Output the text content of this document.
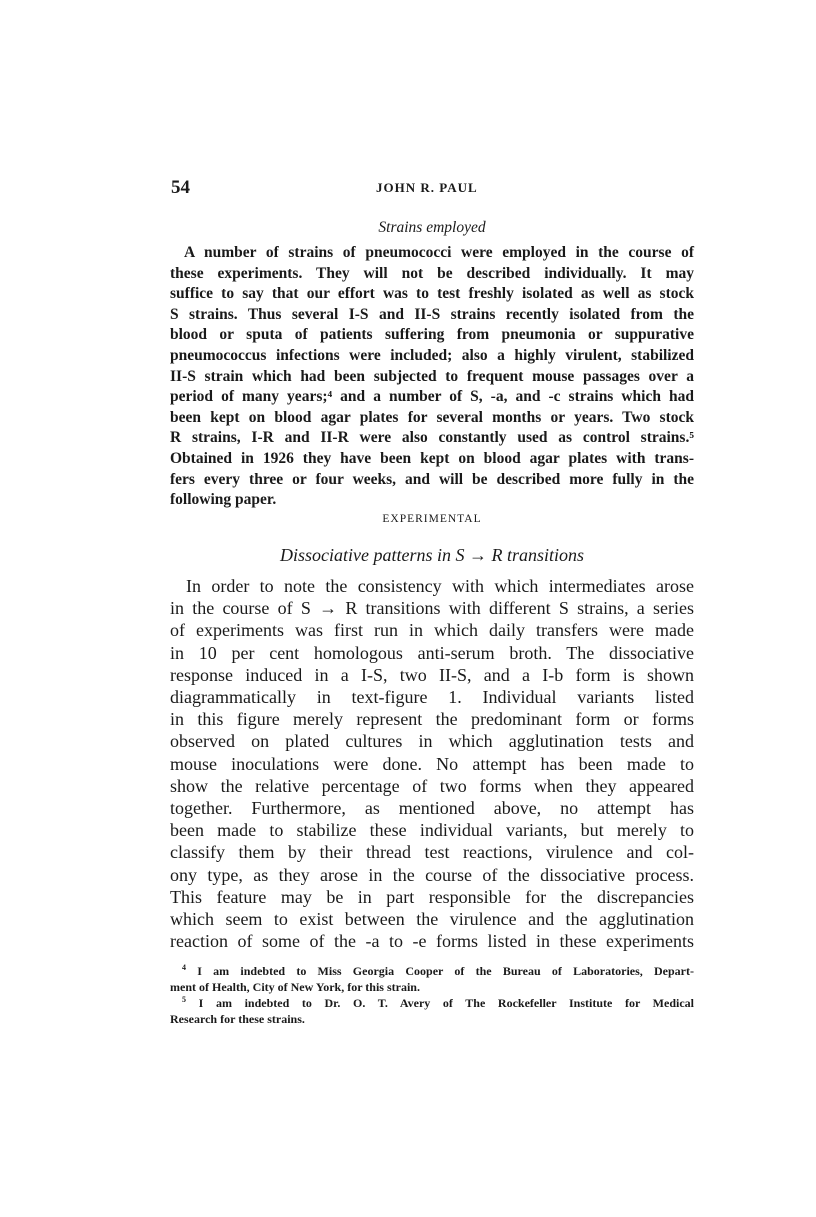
54	JOHN R. PAUL
Strains employed
A number of strains of pneumococci were employed in the course of
these experiments. They will not be described individually. It may
suffice to say that our effort was to test freshly isolated as well as stock
S strains. Thus several I-S and II-S strains recently isolated from the
blood or sputa of patients suffering from pneumonia or suppurative
pneumococcus infections were included; also a highly virulent, stabilized
II-S strain which had been subjected to frequent mouse passages over a
period of many years;⁴ and a number of S, -a, and -c strains which had
been kept on blood agar plates for several months or years. Two stock
R strains, I-R and II-R were also constantly used as control strains.⁵
Obtained in 1926 they have been kept on blood agar plates with trans-
fers every three or four weeks, and will be described more fully in the
following paper.
EXPERIMENTAL
Dissociative patterns in S → R transitions
In order to note the consistency with which intermediates arose
in the course of S → R transitions with different S strains, a series
of experiments was first run in which daily transfers were made
in 10 per cent homologous anti-serum broth. The dissociative
response induced in a I-S, two II-S, and a I-b form is shown
diagrammatically in text-figure 1. Individual variants listed
in this figure merely represent the predominant form or forms
observed on plated cultures in which agglutination tests and
mouse inoculations were done. No attempt has been made to
show the relative percentage of two forms when they appeared
together. Furthermore, as mentioned above, no attempt has
been made to stabilize these individual variants, but merely to
classify them by their thread test reactions, virulence and col-
ony type, as they arose in the course of the dissociative process.
This feature may be in part responsible for the discrepancies
which seem to exist between the virulence and the agglutination
reaction of some of the -a to -e forms listed in these experiments
$^4$ I am indebted to Miss Georgia Cooper of the Bureau of Laboratories, Depart-
ment of Health, City of New York, for this strain.
$^5$ I am indebted to Dr. O. T. Avery of The Rockefeller Institute for Medical
Research for these strains.
